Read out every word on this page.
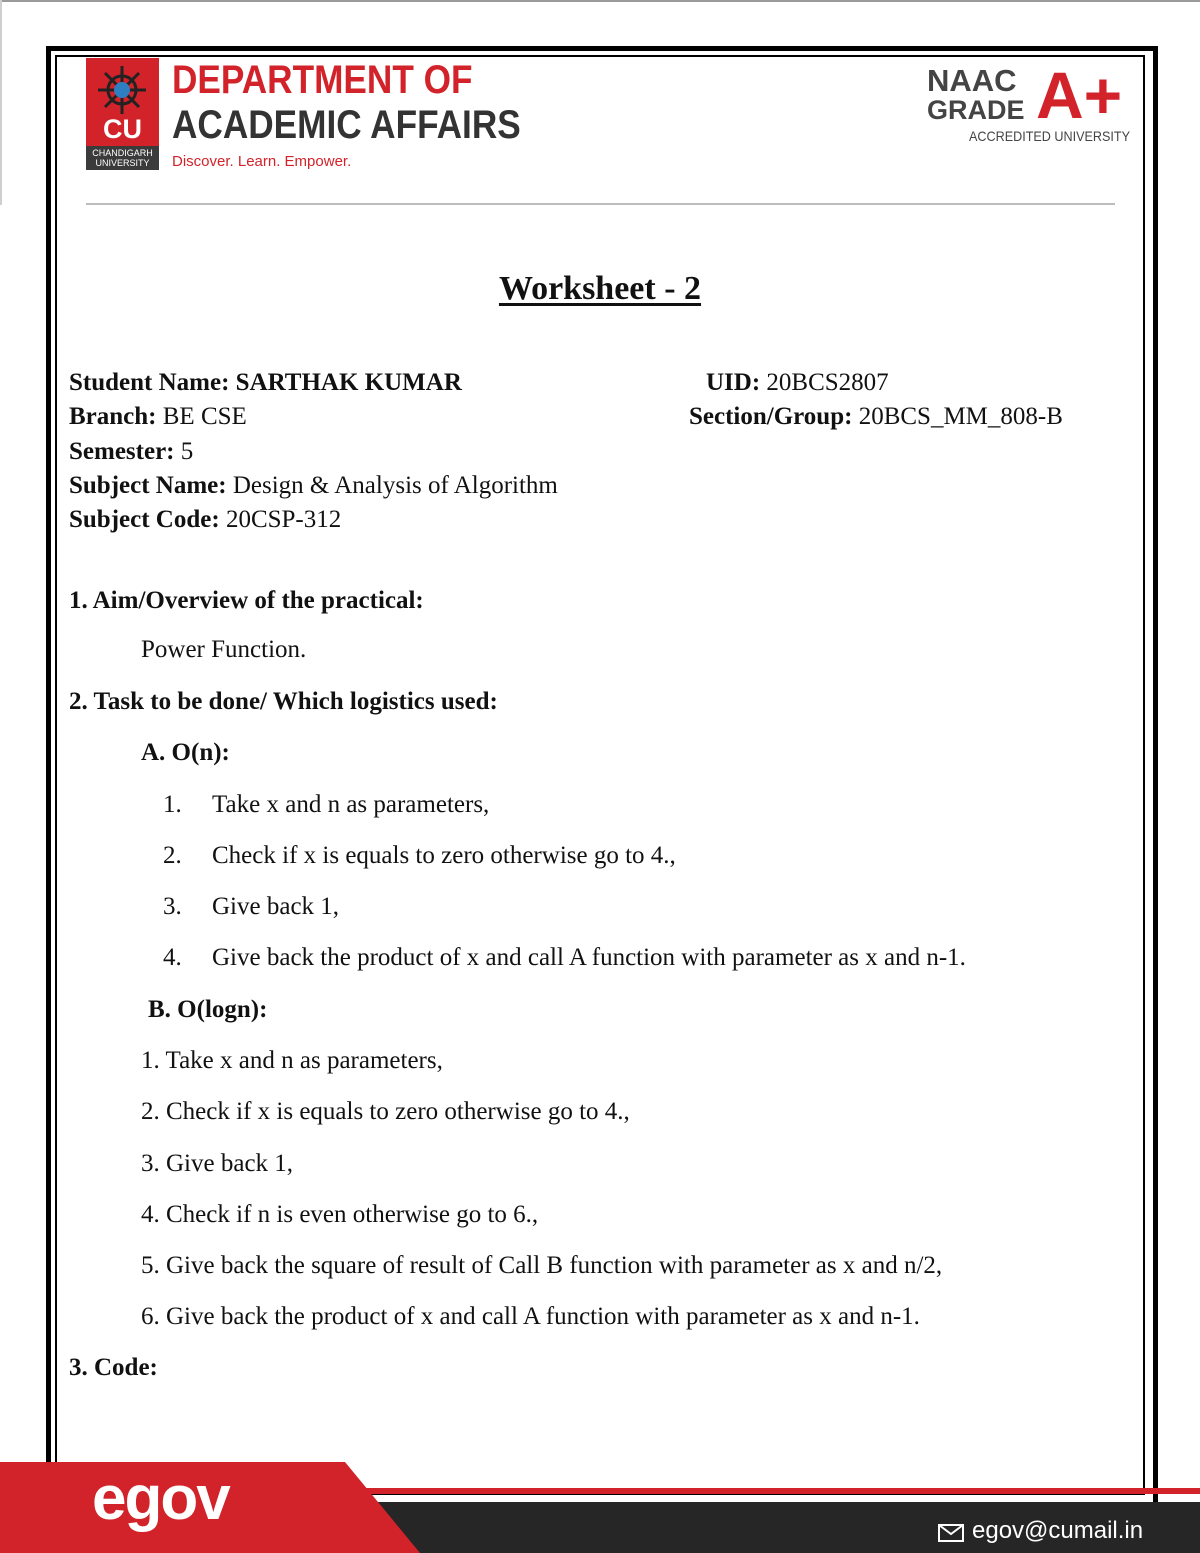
CU
CHANDIGARH UNIVERSITY
DEPARTMENT OF
ACADEMIC AFFAIRS
Discover. Learn. Empower.
NAAC
GRADE A+
ACCREDITED UNIVERSITY
Worksheet - 2
Student Name: SARTHAK KUMAR	UID: 20BCS2807
Branch: BE CSE	Section/Group: 20BCS_MM_808-B
Semester: 5
Subject Name: Design & Analysis of Algorithm
Subject Code: 20CSP-312
1. Aim/Overview of the practical:
Power Function.
2. Task to be done/ Which logistics used:
A. O(n):
1. Take x and n as parameters,
2. Check if x is equals to zero otherwise go to 4.,
3. Give back 1,
4. Give back the product of x and call A function with parameter as x and n-1.
B. O(logn):
1. Take x and n as parameters,
2. Check if x is equals to zero otherwise go to 4.,
3. Give back 1,
4. Check if n is even otherwise go to 6.,
5. Give back the square of result of Call B function with parameter as x and n/2,
6. Give back the product of x and call A function with parameter as x and n-1.
3. Code:
egov	egov@cumail.in
